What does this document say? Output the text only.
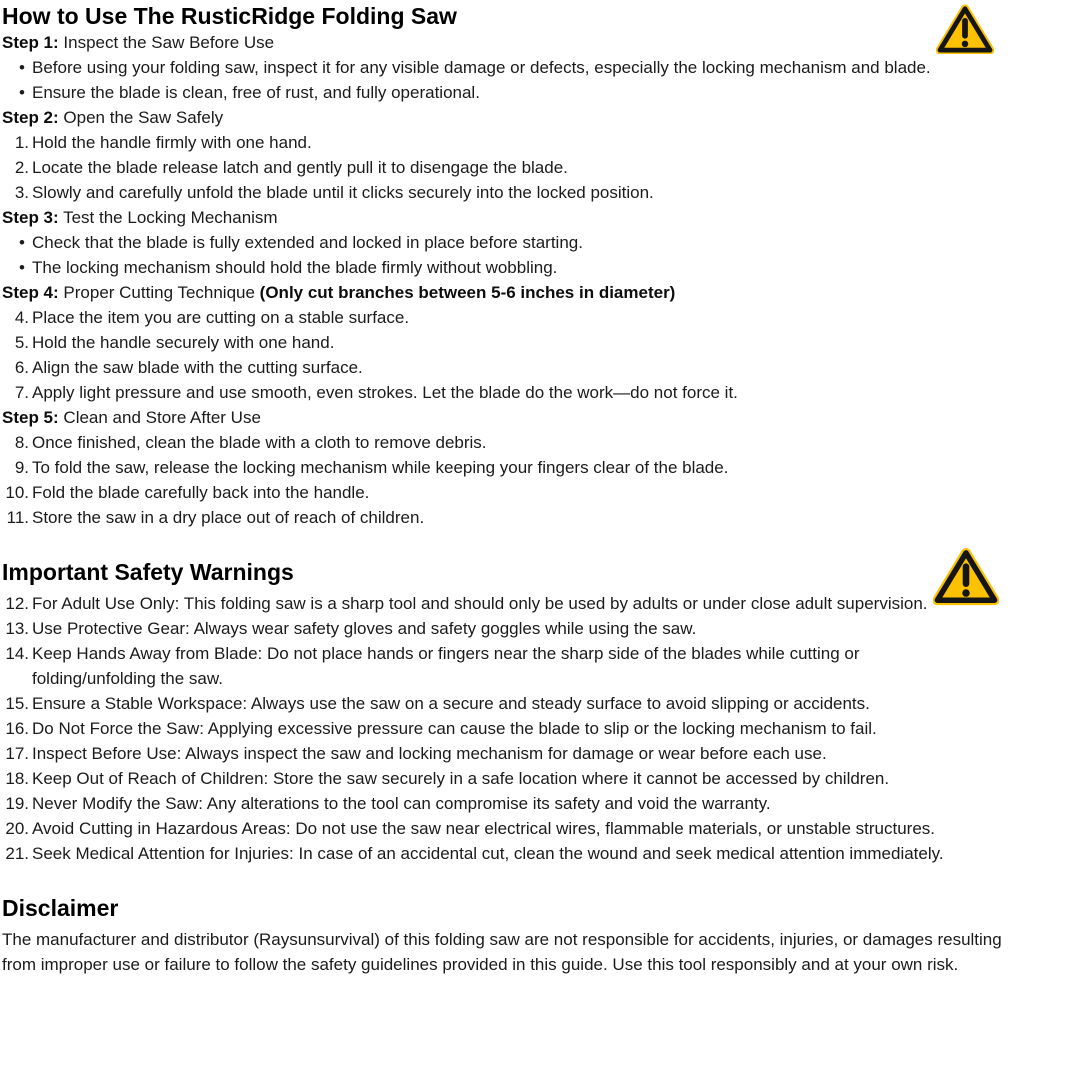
How to Use The RusticRidge Folding Saw

Step 1: Inspect the Saw Before Use

• Before using your folding saw, inspect it for any visible damage or defects, especially the locking mechanism and blade.
• Ensure the blade is clean, free of rust, and fully operational.

Step 2: Open the Saw Safely

1. Hold the handle firmly with one hand.
2. Locate the blade release latch and gently pull it to disengage the blade.
3. Slowly and carefully unfold the blade until it clicks securely into the locked position.

Step 3: Test the Locking Mechanism

• Check that the blade is fully extended and locked in place before starting.
• The locking mechanism should hold the blade firmly without wobbling.

Step 4: Proper Cutting Technique (Only cut branches between 5-6 inches in diameter)

4. Place the item you are cutting on a stable surface.
5. Hold the handle securely with one hand.
6. Align the saw blade with the cutting surface.
7. Apply light pressure and use smooth, even strokes. Let the blade do the work—do not force it.

Step 5: Clean and Store After Use

8. Once finished, clean the blade with a cloth to remove debris.
9. To fold the saw, release the locking mechanism while keeping your fingers clear of the blade.
10. Fold the blade carefully back into the handle.
11. Store the saw in a dry place out of reach of children.
Important Safety Warnings
12. For Adult Use Only: This folding saw is a sharp tool and should only be used by adults or under close adult supervision.
13. Use Protective Gear: Always wear safety gloves and safety goggles while using the saw.
14. Keep Hands Away from Blade: Do not place hands or fingers near the sharp side of the blades while cutting or folding/unfolding the saw.
15. Ensure a Stable Workspace: Always use the saw on a secure and steady surface to avoid slipping or accidents.
16. Do Not Force the Saw: Applying excessive pressure can cause the blade to slip or the locking mechanism to fail.
17. Inspect Before Use: Always inspect the saw and locking mechanism for damage or wear before each use.
18. Keep Out of Reach of Children: Store the saw securely in a safe location where it cannot be accessed by children.
19. Never Modify the Saw: Any alterations to the tool can compromise its safety and void the warranty.
20. Avoid Cutting in Hazardous Areas: Do not use the saw near electrical wires, flammable materials, or unstable structures.
21. Seek Medical Attention for Injuries: In case of an accidental cut, clean the wound and seek medical attention immediately.
Disclaimer

The manufacturer and distributor (Raysunsurvival) of this folding saw are not responsible for accidents, injuries, or damages resulting from improper use or failure to follow the safety guidelines provided in this guide. Use this tool responsibly and at your own risk.
